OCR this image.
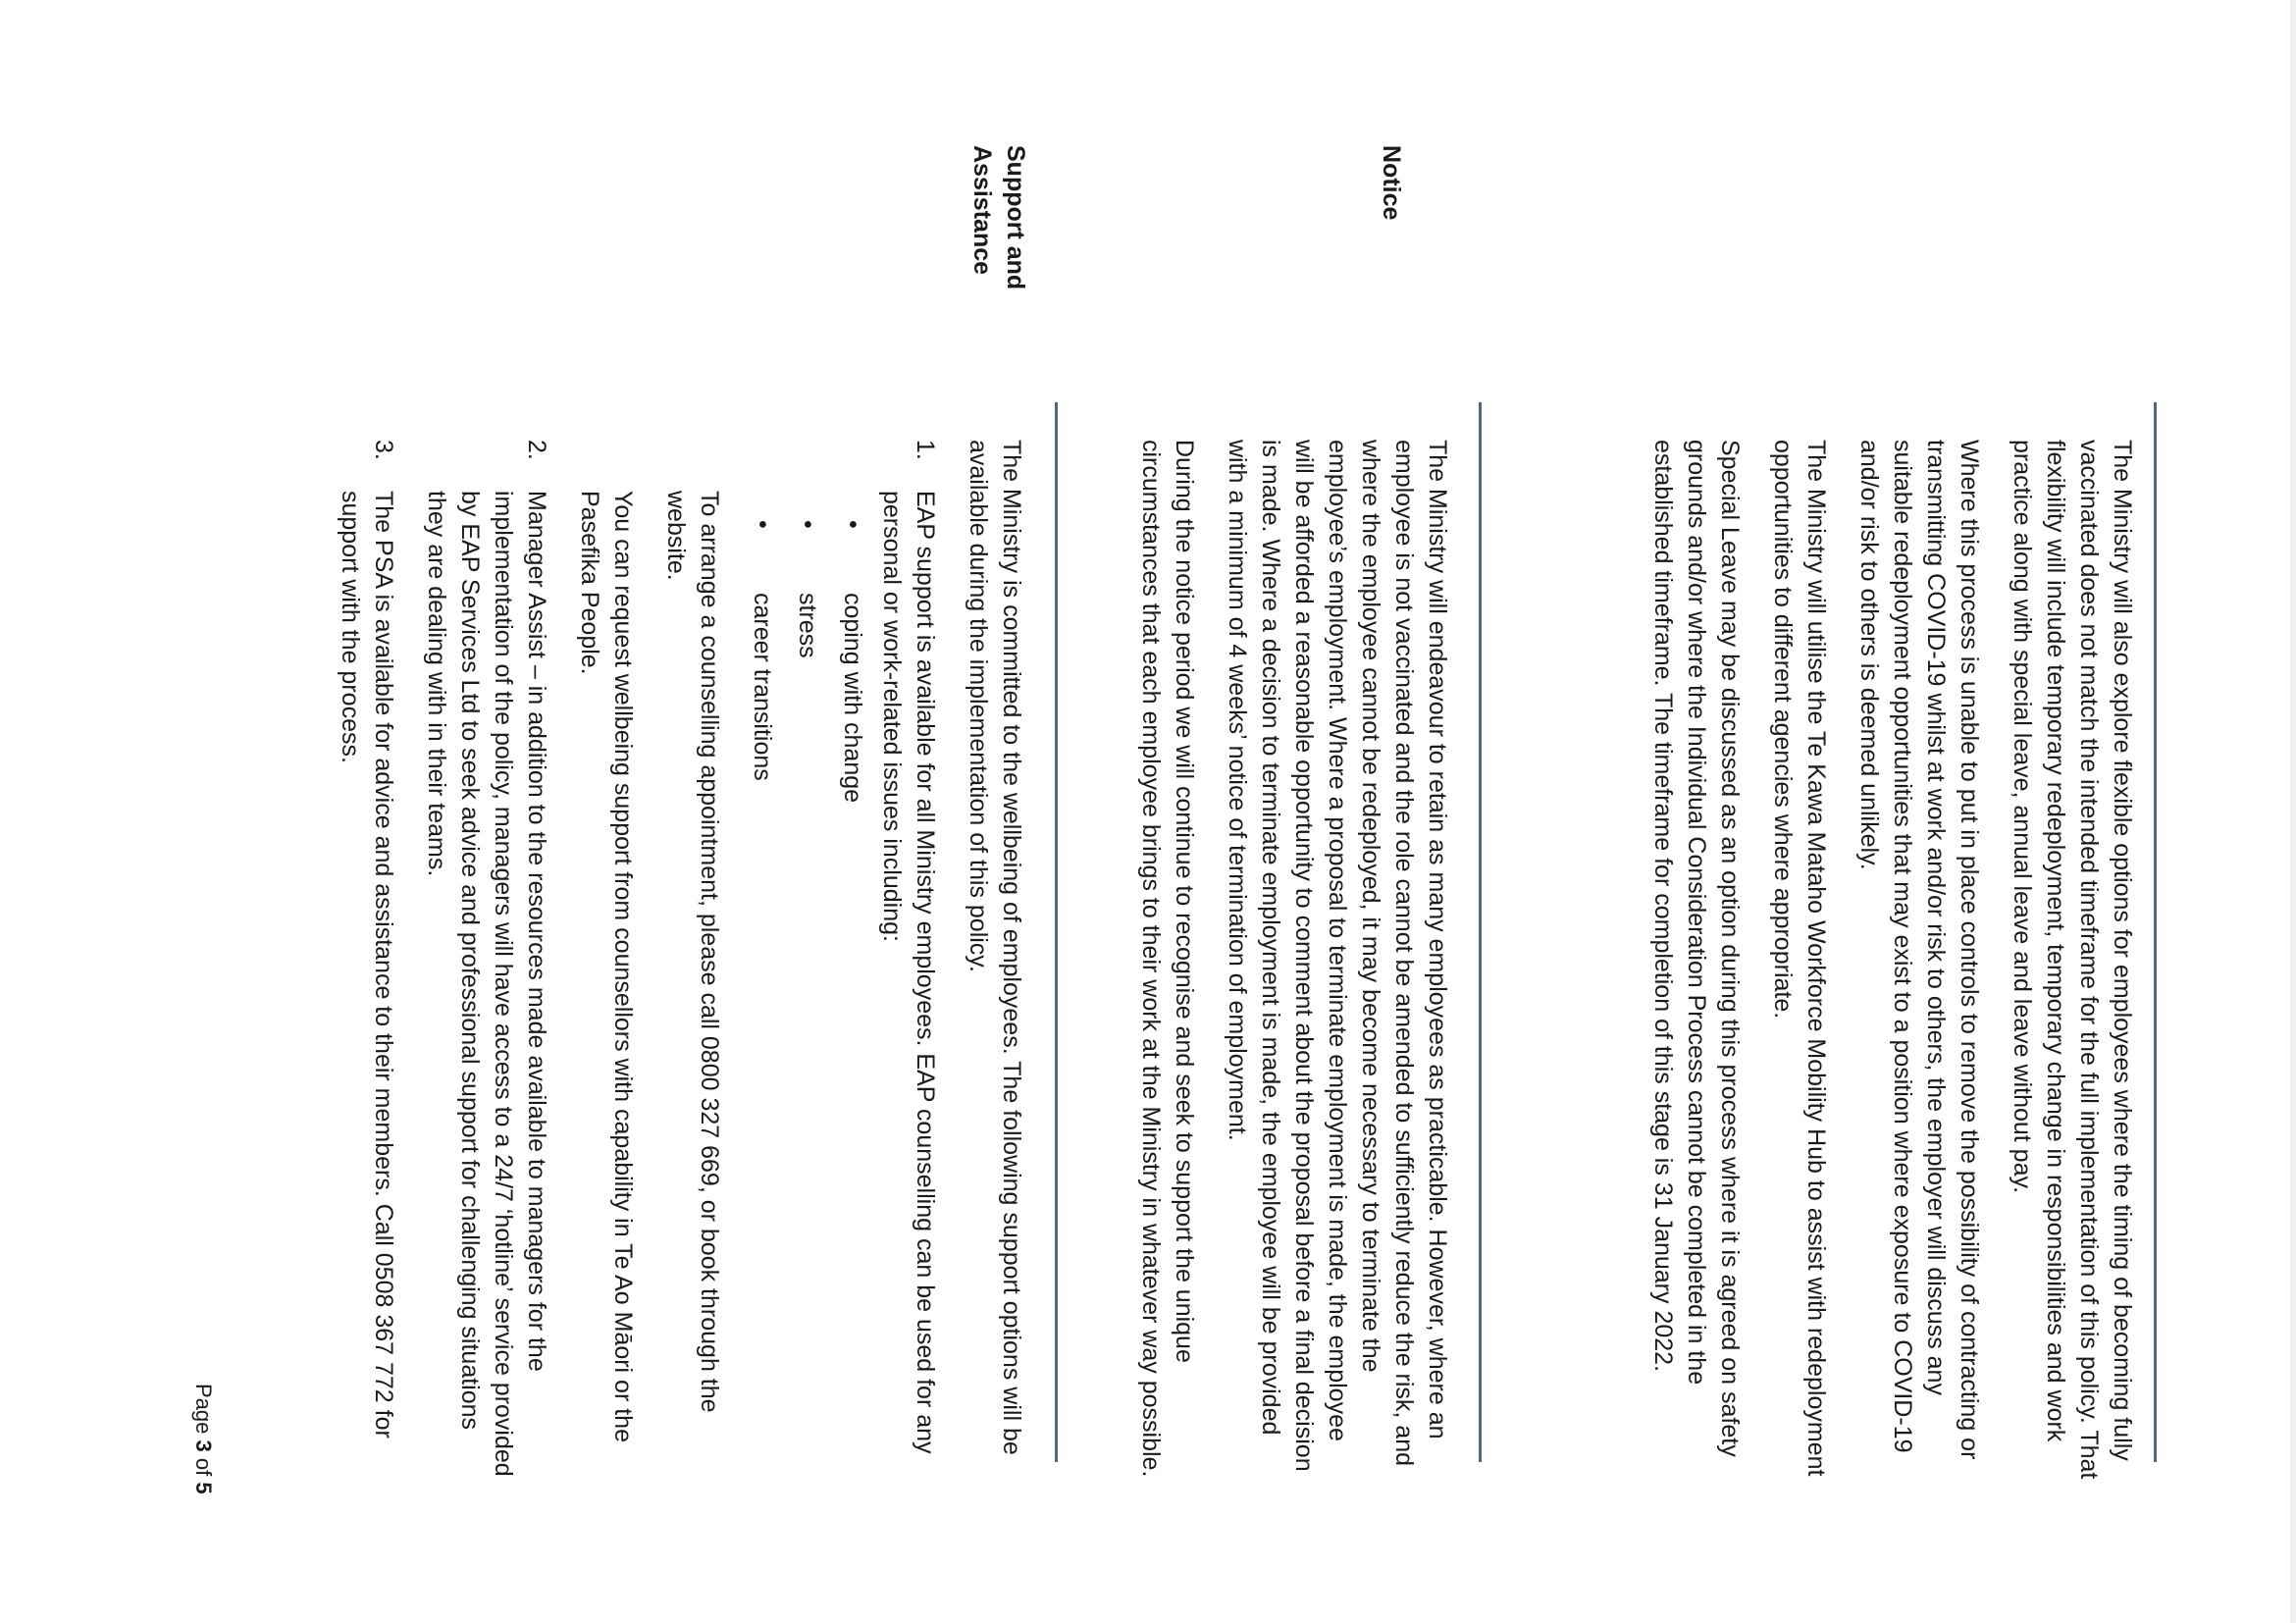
The Ministry will also explore flexible options for employees where the timing of becoming fully vaccinated does not match the intended timeframe for the full implementation of this policy. That flexibility will include temporary redeployment, temporary change in responsibilities and work practice along with special leave, annual leave and leave without pay.

Where this process is unable to put in place controls to remove the possibility of contracting or transmitting COVID-19 whilst at work and/or risk to others, the employer will discuss any suitable redeployment opportunities that may exist to a position where exposure to COVID-19 and/or risk to others is deemed unlikely.

The Ministry will utilise the Te Kawa Mataho Workforce Mobility Hub to assist with redeployment opportunities to different agencies where appropriate.

Special Leave may be discussed as an option during this process where it is agreed on safety grounds and/or where the Individual Consideration Process cannot be completed in the established timeframe. The timeframe for completion of this stage is 31 January 2022.

Notice

The Ministry will endeavour to retain as many employees as practicable. However, where an employee is not vaccinated and the role cannot be amended to sufficiently reduce the risk, and where the employee cannot be redeployed, it may become necessary to terminate the employee’s employment. Where a proposal to terminate employment is made, the employee will be afforded a reasonable opportunity to comment about the proposal before a final decision is made. Where a decision to terminate employment is made, the employee will be provided with a minimum of 4 weeks’ notice of termination of employment.

During the notice period we will continue to recognise and seek to support the unique circumstances that each employee brings to their work at the Ministry in whatever way possible.

Support and
Assistance

The Ministry is committed to the wellbeing of employees. The following support options will be available during the implementation of this policy.

1.
EAP support is available for all Ministry employees. EAP counselling can be used for any personal or work-related issues including:
•
coping with change
•
stress
•
career transitions

To arrange a counselling appointment, please call 0800 327 669, or book through the website.

You can request wellbeing support from counsellors with capability in Te Ao Māori or the Pasefika People.

2.
Manager Assist – in addition to the resources made available to managers for the implementation of the policy, managers will have access to a 24/7 ‘hotline’ service provided by EAP Services Ltd to seek advice and professional support for challenging situations they are dealing with in their teams.
3.
The PSA is available for advice and assistance to their members. Call 0508 367 772 for support with the process.
Page 3 of 5
